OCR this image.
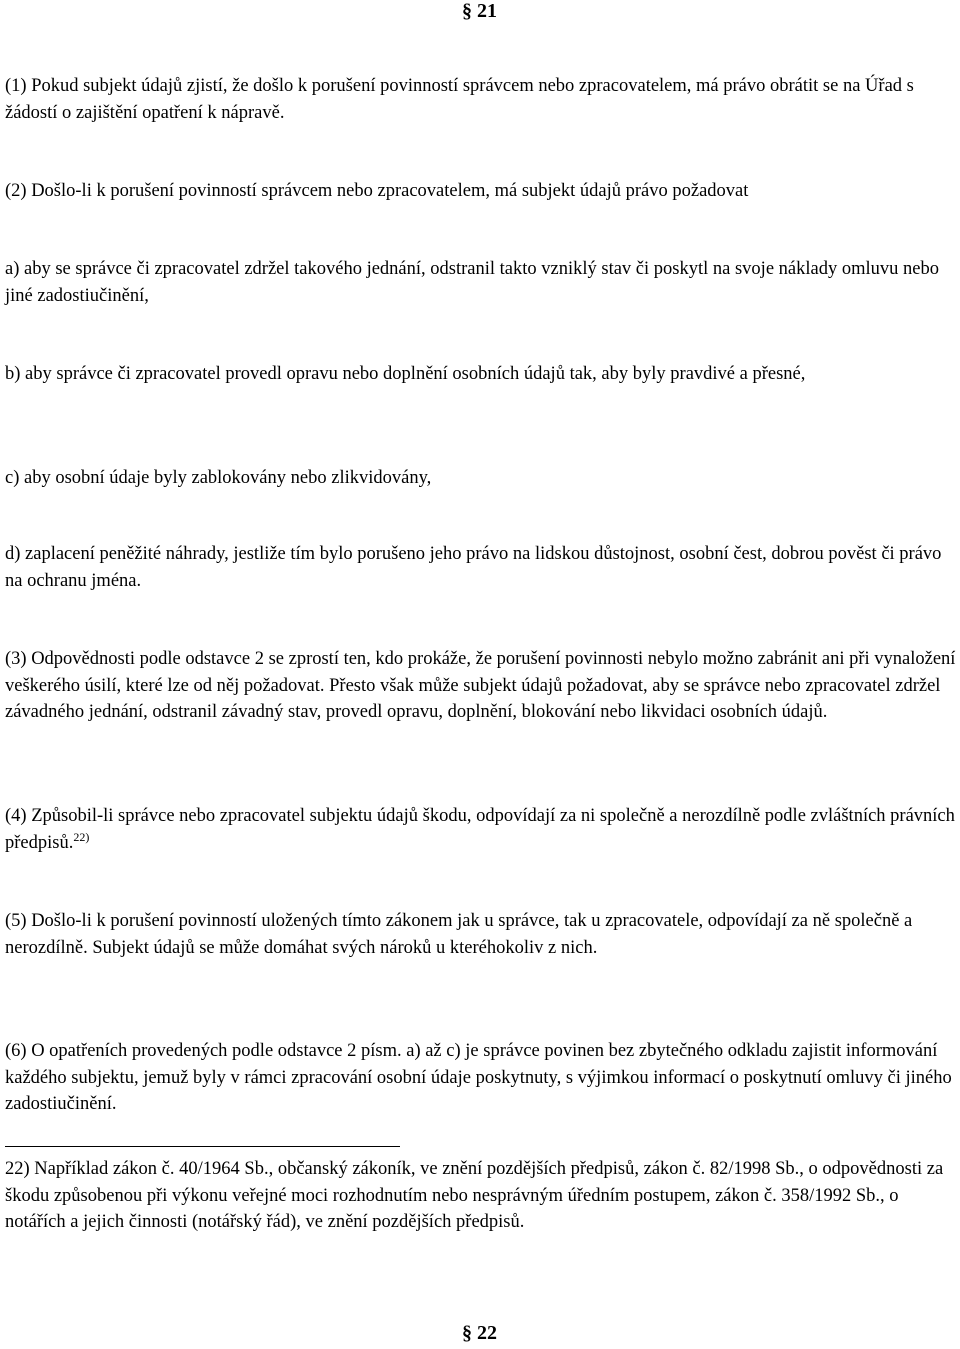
§ 21

(1) Pokud subjekt údajů zjistí, že došlo k porušení povinností správcem nebo zpracovatelem, má právo obrátit se na Úřad s žádostí o zajištění opatření k nápravě.

(2) Došlo-li k porušení povinností správcem nebo zpracovatelem, má subjekt údajů právo požadovat

a) aby se správce či zpracovatel zdržel takového jednání, odstranil takto vzniklý stav či poskytl na svoje náklady omluvu nebo jiné zadostiučinění,

b) aby správce či zpracovatel provedl opravu nebo doplnění osobních údajů tak, aby byly pravdivé a přesné,

c) aby osobní údaje byly zablokovány nebo zlikvidovány,

d) zaplacení peněžité náhrady, jestliže tím bylo porušeno jeho právo na lidskou důstojnost, osobní čest, dobrou pověst či právo na ochranu jména.

(3) Odpovědnosti podle odstavce 2 se zprostí ten, kdo prokáže, že porušení povinnosti nebylo možno zabránit ani při vynaložení veškerého úsilí, které lze od něj požadovat. Přesto však může subjekt údajů požadovat, aby se správce nebo zpracovatel zdržel závadného jednání, odstranil závadný stav, provedl opravu, doplnění, blokování nebo likvidaci osobních údajů.

(4) Způsobil-li správce nebo zpracovatel subjektu údajů škodu, odpovídají za ni společně a nerozdílně podle zvláštních právních předpisů.$^{22)}$

(5) Došlo-li k porušení povinností uložených tímto zákonem jak u správce, tak u zpracovatele, odpovídají za ně společně a nerozdílně. Subjekt údajů se může domáhat svých nároků u kteréhokoliv z nich.

(6) O opatřeních provedených podle odstavce 2 písm. a) až c) je správce povinen bez zbytečného odkladu zajistit informování každého subjektu, jemuž byly v rámci zpracování osobní údaje poskytnuty, s výjimkou informací o poskytnutí omluvy či jiného zadostiučinění.

22) Například zákon č. 40/1964 Sb., občanský zákoník, ve znění pozdějších předpisů, zákon č. 82/1998 Sb., o odpovědnosti za škodu způsobenou při výkonu veřejné moci rozhodnutím nebo nesprávným úředním postupem, zákon č. 358/1992 Sb., o notářích a jejich činnosti (notářský řád), ve znění pozdějších předpisů.

§ 22
